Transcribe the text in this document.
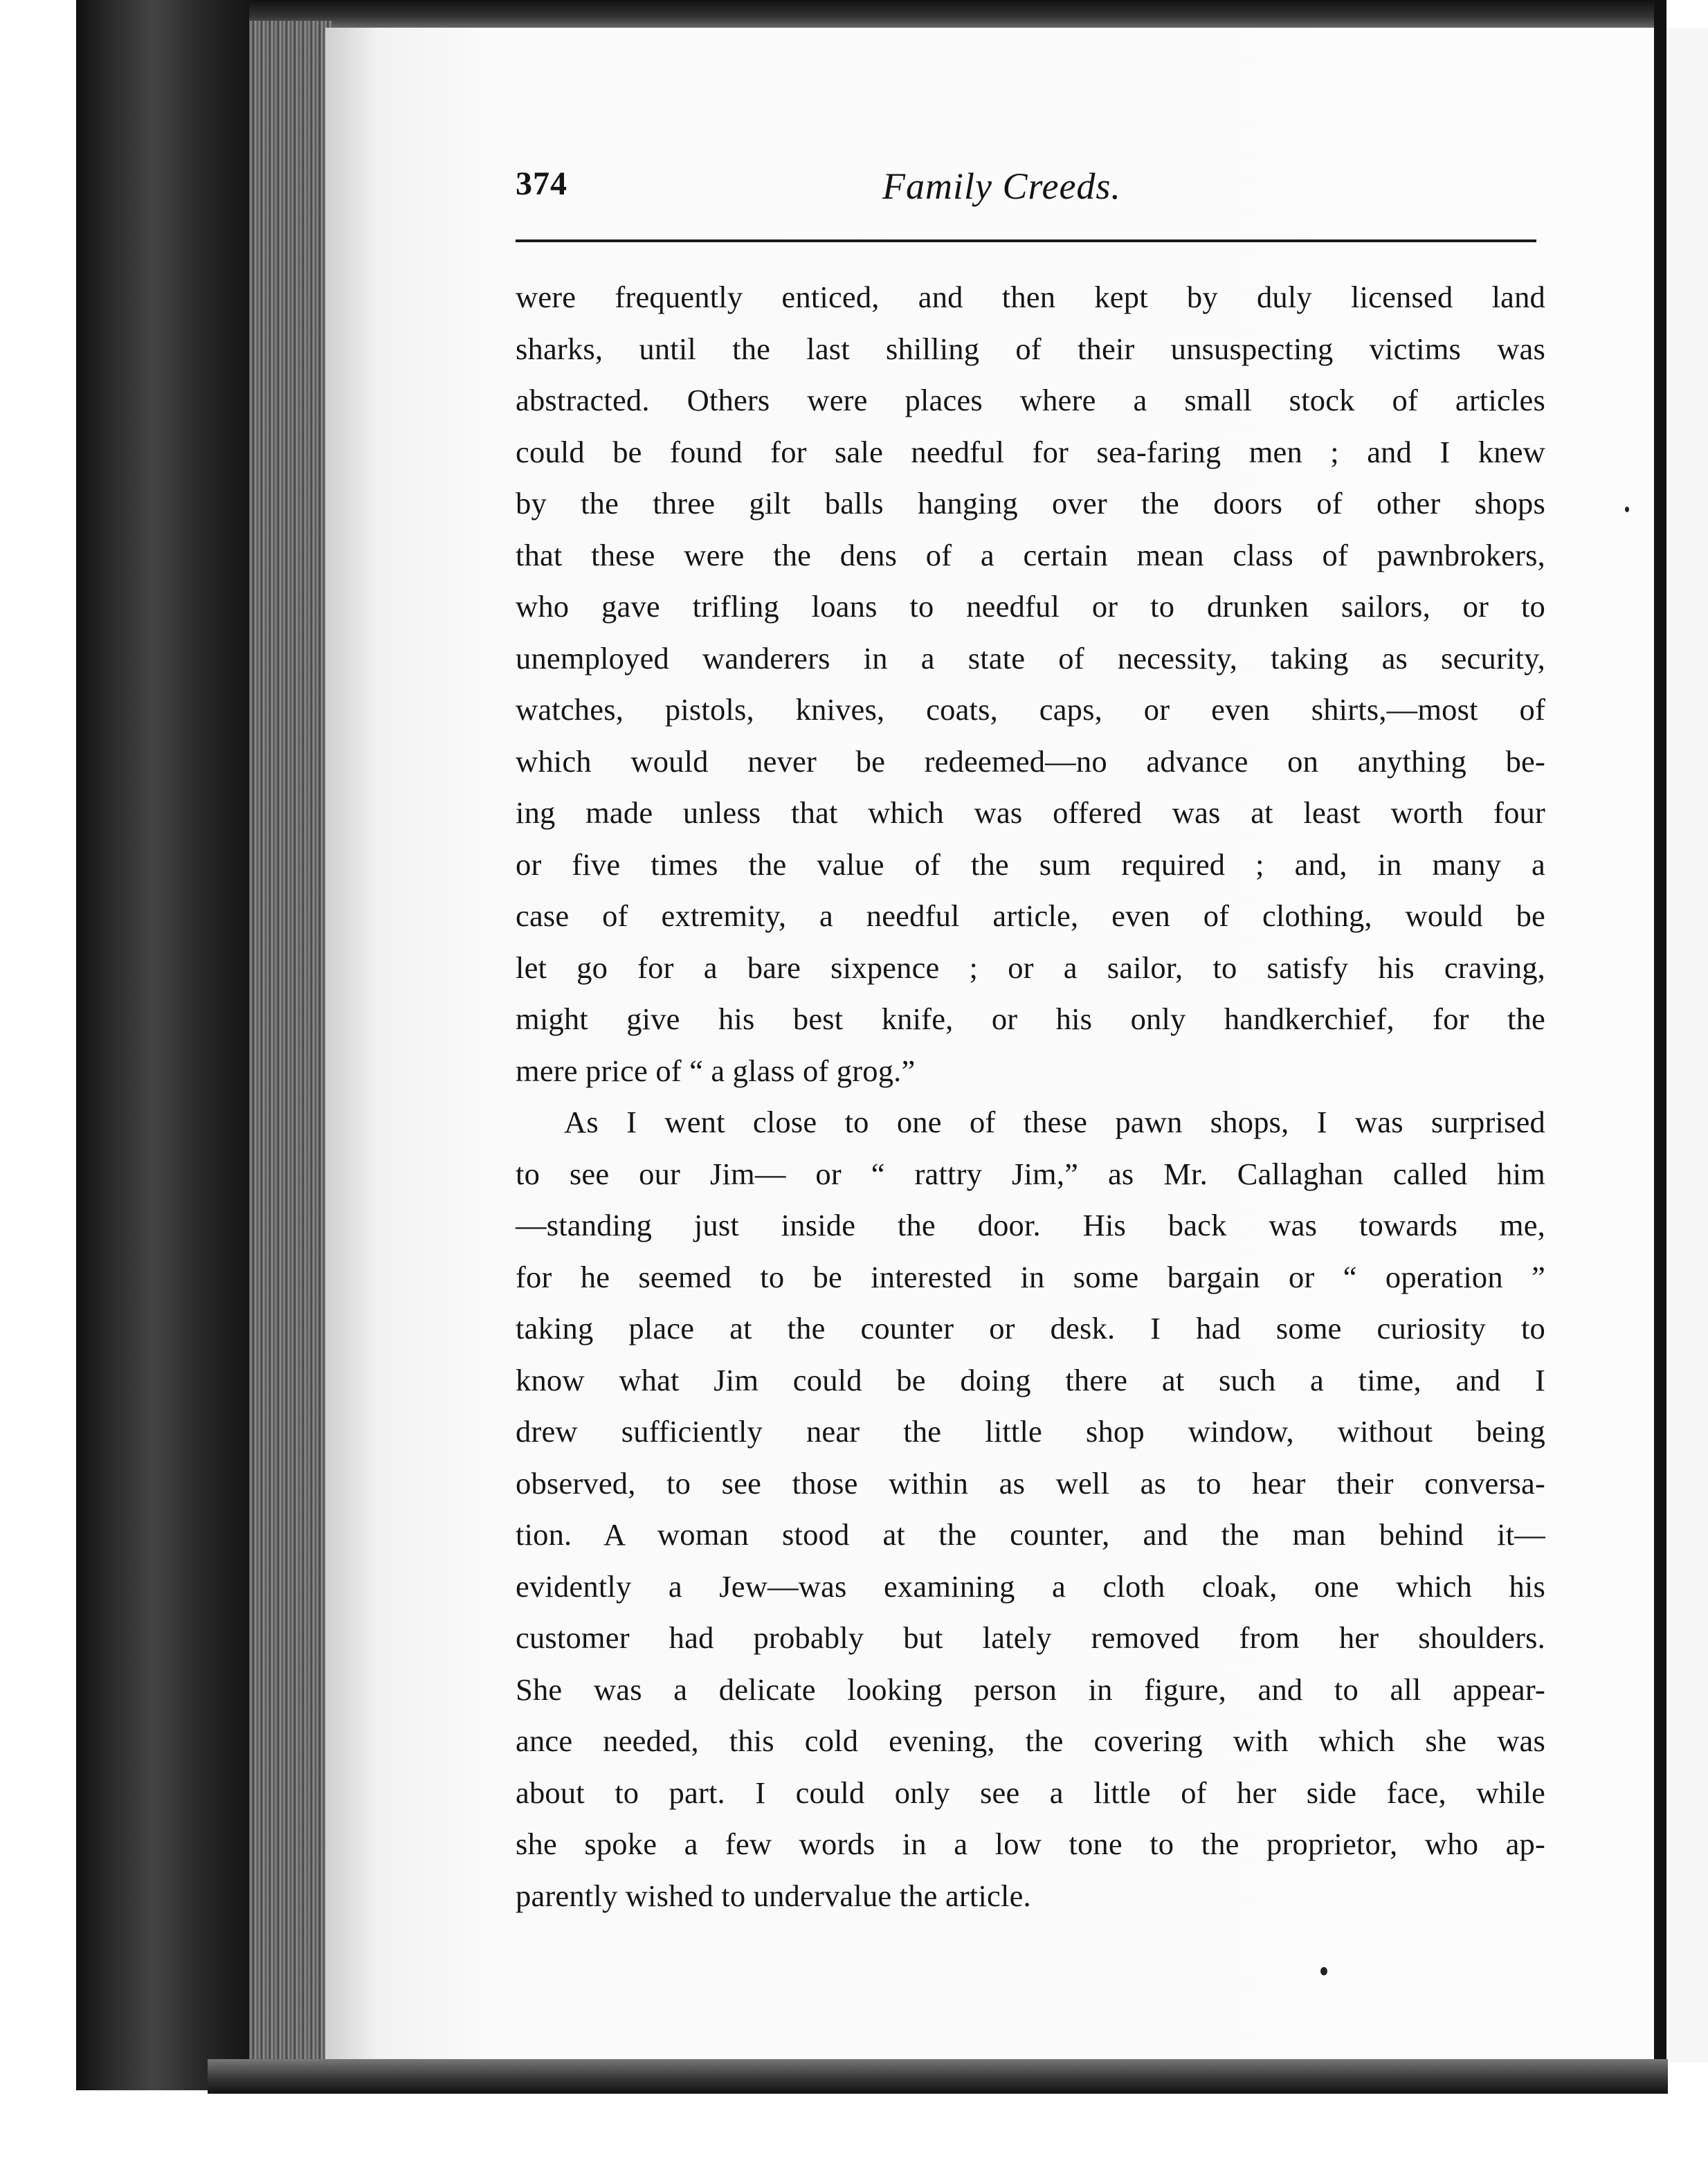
374	Family Creeds.
were frequently enticed, and then kept by duly licensed land
sharks, until the last shilling of their unsuspecting victims was
abstracted. Others were places where a small stock of articles
could be found for sale needful for sea-faring men ; and I knew
by the three gilt balls hanging over the doors of other shops
that these were the dens of a certain mean class of pawnbrokers,
who gave trifling loans to needful or to drunken sailors, or to
unemployed wanderers in a state of necessity, taking as security,
watches, pistols, knives, coats, caps, or even shirts,—most of
which would never be redeemed—no advance on anything be-
ing made unless that which was offered was at least worth four
or five times the value of the sum required ; and, in many a
case of extremity, a needful article, even of clothing, would be
let go for a bare sixpence ; or a sailor, to satisfy his craving,
might give his best knife, or his only handkerchief, for the
mere price of “ a glass of grog.”
As I went close to one of these pawn shops, I was surprised
to see our Jim— or “ rattry Jim,” as Mr. Callaghan called him
—standing just inside the door. His back was towards me,
for he seemed to be interested in some bargain or “ operation ”
taking place at the counter or desk. I had some curiosity to
know what Jim could be doing there at such a time, and I
drew sufficiently near the little shop window, without being
observed, to see those within as well as to hear their conversa-
tion. A woman stood at the counter, and the man behind it—
evidently a Jew—was examining a cloth cloak, one which his
customer had probably but lately removed from her shoulders.
She was a delicate looking person in figure, and to all appear-
ance needed, this cold evening, the covering with which she was
about to part. I could only see a little of her side face, while
she spoke a few words in a low tone to the proprietor, who ap-
parently wished to undervalue the article.
